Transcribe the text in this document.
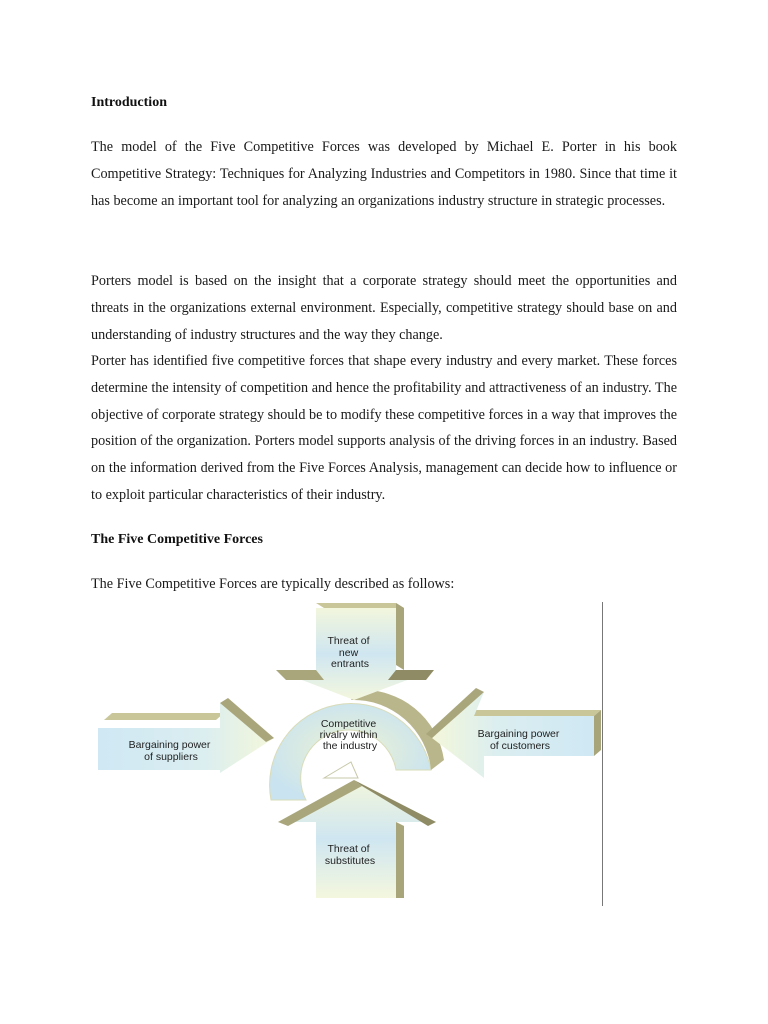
Introduction

The model of the Five Competitive Forces was developed by Michael E. Porter in his book Competitive Strategy: Techniques for Analyzing Industries and Competitors in 1980. Since that time it has become an important tool for analyzing an organizations industry structure in strategic processes.

Porters model is based on the insight that a corporate strategy should meet the opportunities and threats in the organizations external environment. Especially, competitive strategy should base on and understanding of industry structures and the way they change.

Porter has identified five competitive forces that shape every industry and every market. These forces determine the intensity of competition and hence the profitability and attractiveness of an industry. The objective of corporate strategy should be to modify these competitive forces in a way that improves the position of the organization. Porters model supports analysis of the driving forces in an industry. Based on the information derived from the Five Forces Analysis, management can decide how to influence or to exploit particular characteristics of their industry.

The Five Competitive Forces
The Five Competitive Forces are typically described as follows:
Threat of new entrants
Bargaining power of suppliers
Bargaining power of customers
Competitive rivalry within the industry
Threat of substitutes
